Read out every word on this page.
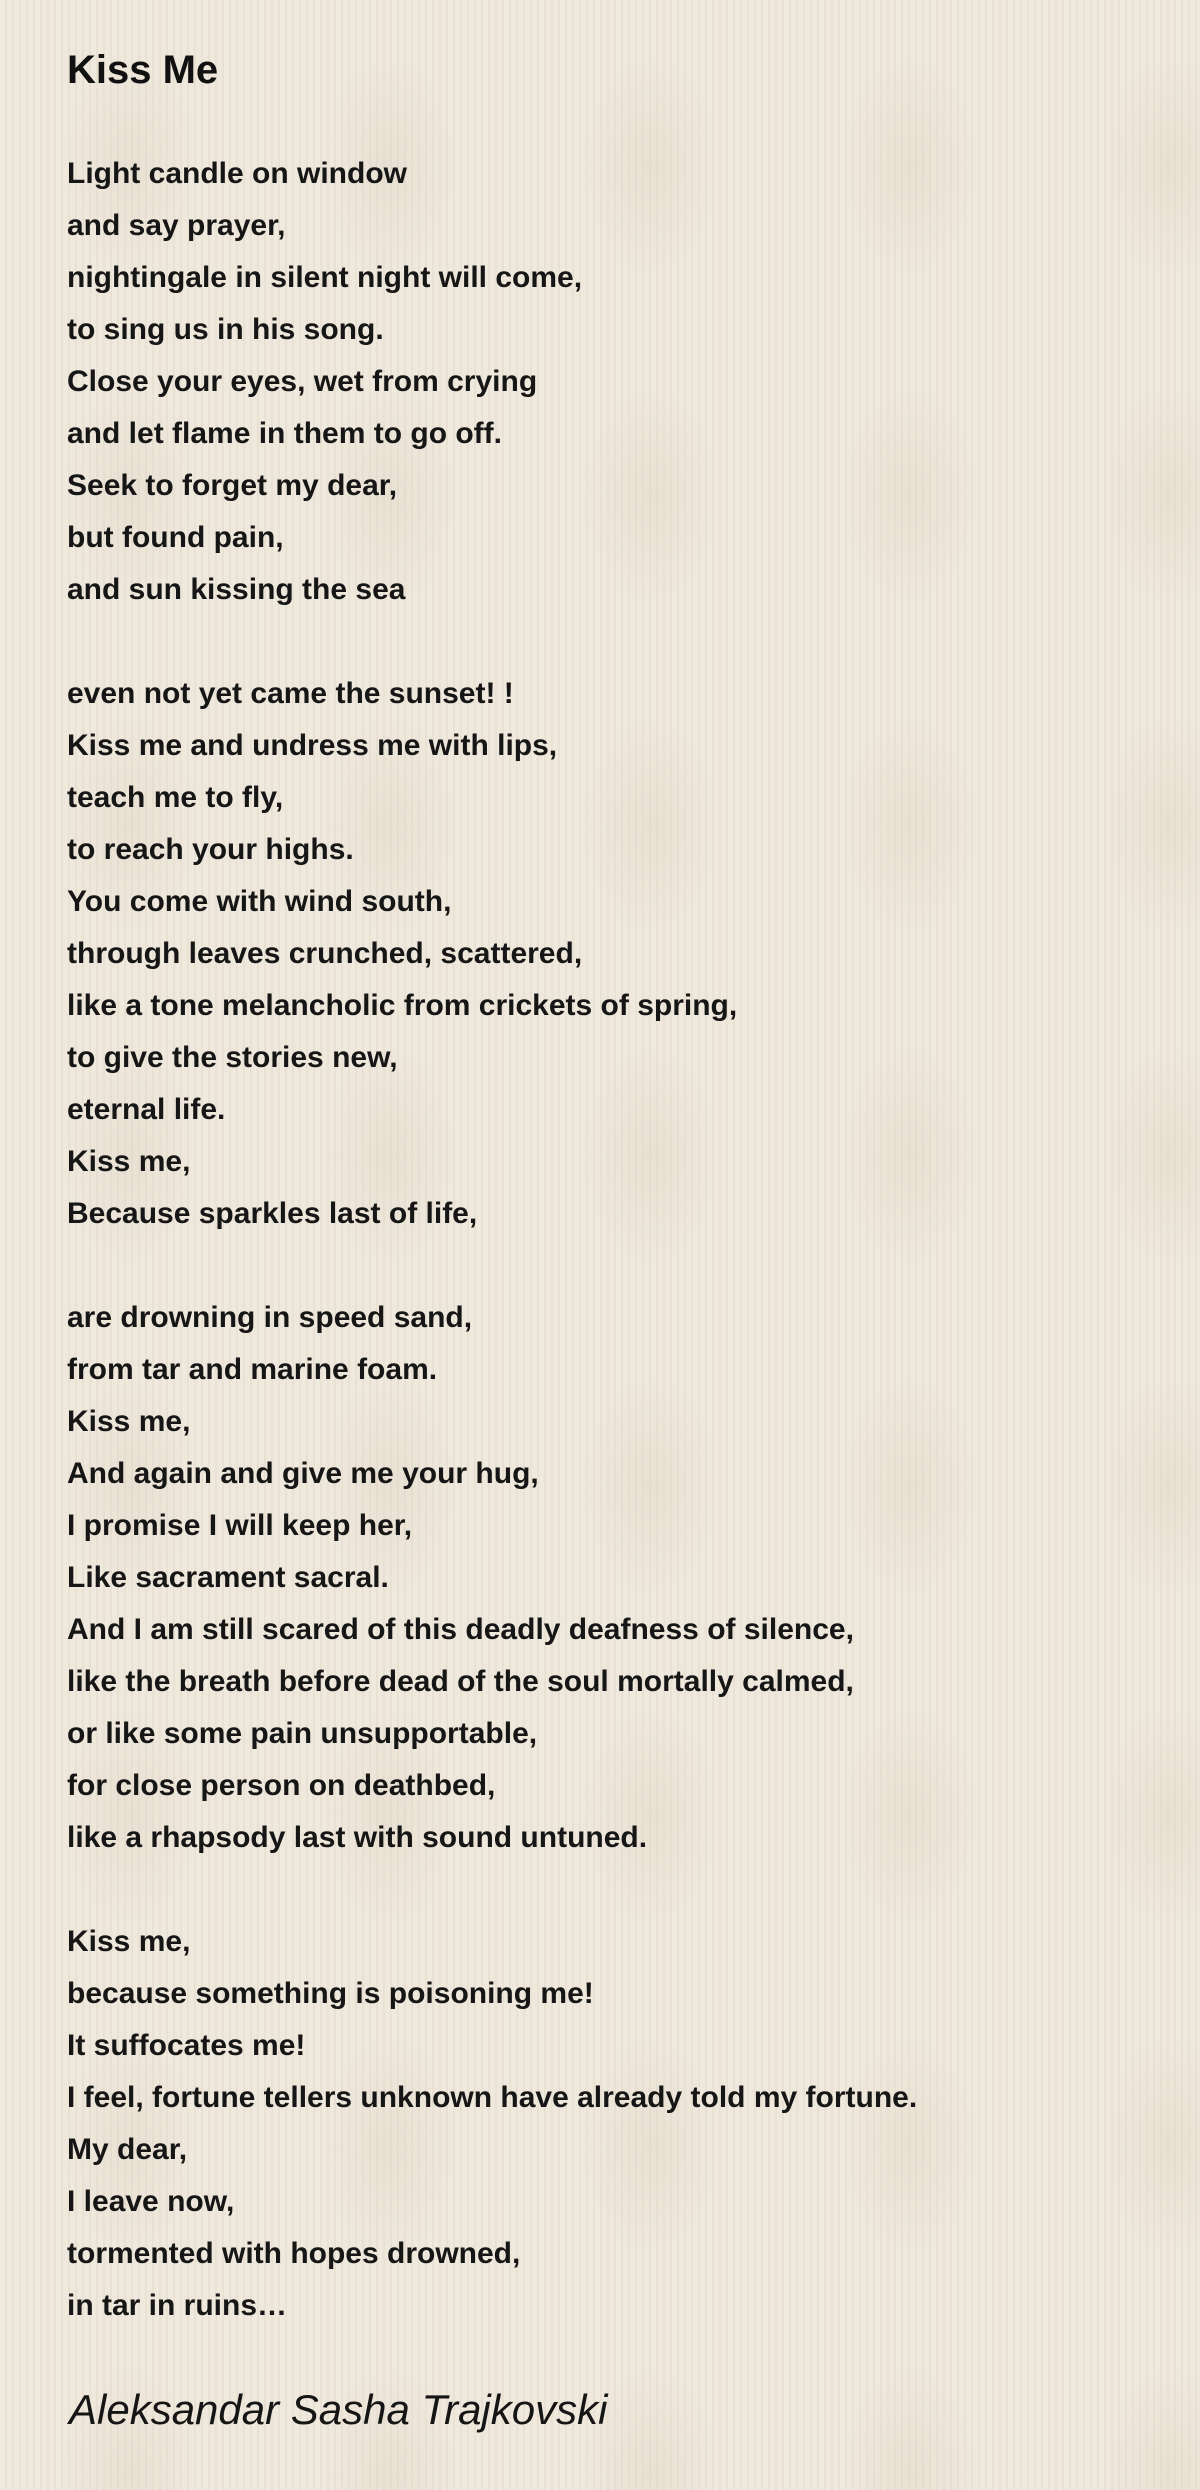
Kiss Me
Light candle on window
and say prayer,
nightingale in silent night will come,
to sing us in his song.
Close your eyes, wet from crying
and let flame in them to go off.
Seek to forget my dear,
but found pain,
and sun kissing the sea
even not yet came the sunset! !
Kiss me and undress me with lips,
teach me to fly,
to reach your highs.
You come with wind south,
through leaves crunched, scattered,
like a tone melancholic from crickets of spring,
to give the stories new,
eternal life.
Kiss me,
Because sparkles last of life,
are drowning in speed sand,
from tar and marine foam.
Kiss me,
And again and give me your hug,
I promise I will keep her,
Like sacrament sacral.
And I am still scared of this deadly deafness of silence,
like the breath before dead of the soul mortally calmed,
or like some pain unsupportable,
for close person on deathbed,
like a rhapsody last with sound untuned.
Kiss me,
because something is poisoning me!
It suffocates me!
I feel, fortune tellers unknown have already told my fortune.
My dear,
I leave now,
tormented with hopes drowned,
in tar in ruins…
Aleksandar Sasha Trajkovski
